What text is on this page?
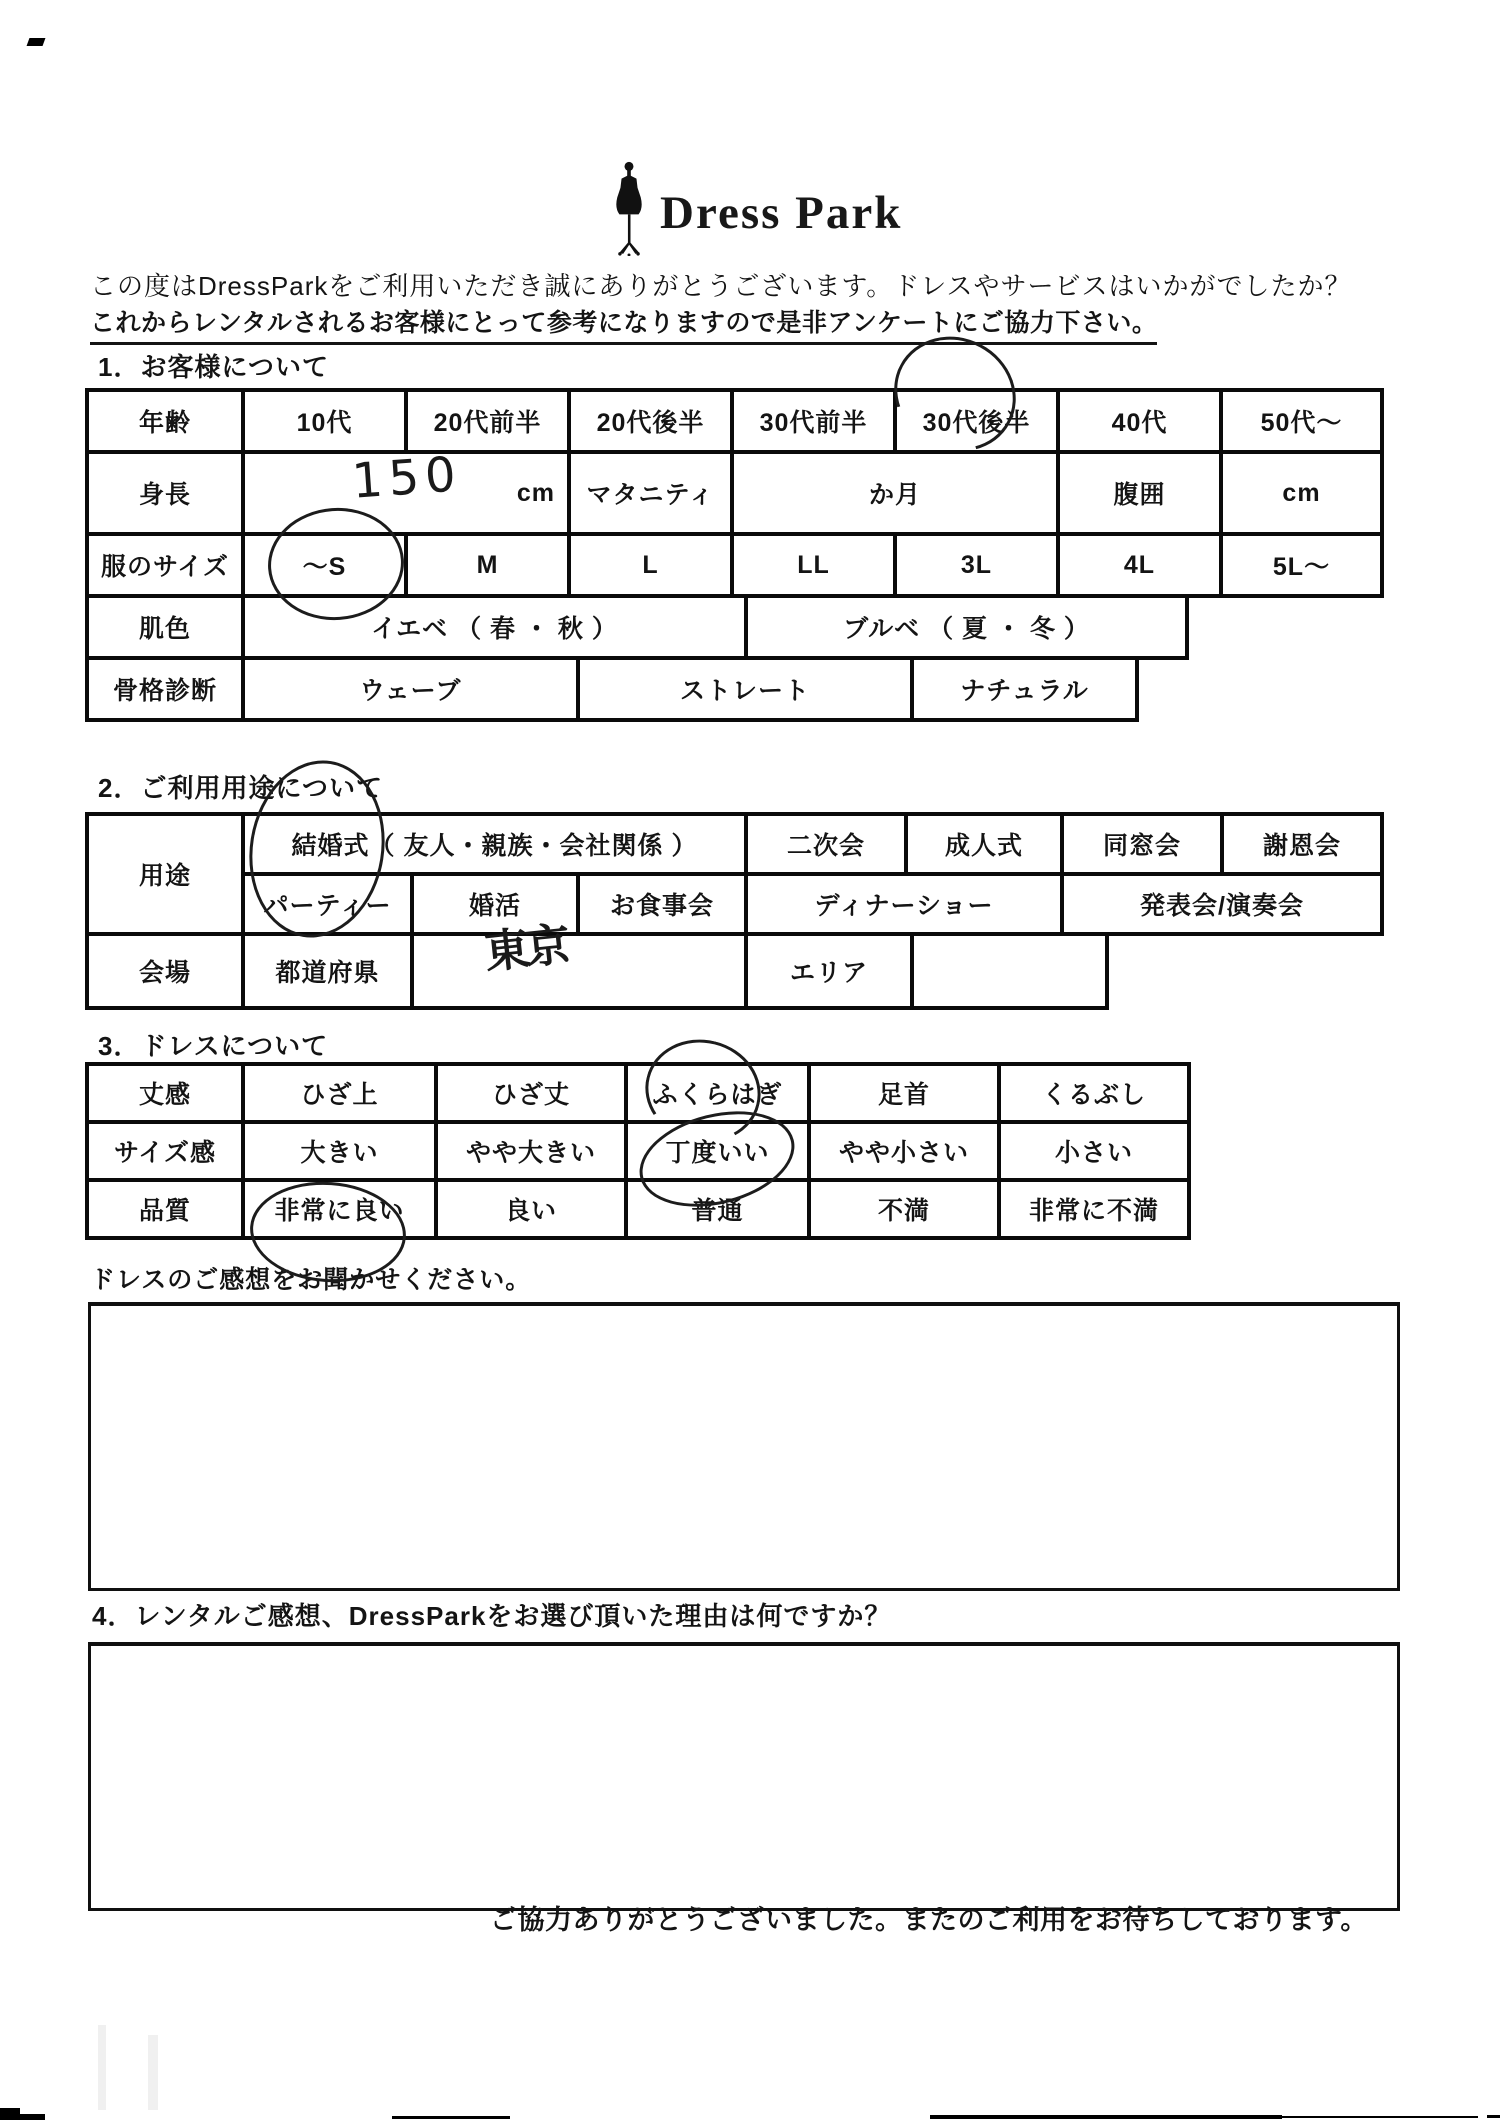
Dress Park

この度はDressParkをご利用いただき誠にありがとうございます。ドレスやサービスはいかがでしたか？

これからレンタルされるお客様にとって参考になりますので是非アンケートにご協力下さい。

1．お客様について

年齢	10代	20代前半	20代後半	30代前半	30代後半	40代	50代～
身長	cm		マタニティ	か月		腹囲	cm
服のサイズ	～S	M	L	LL	3L	4L	5L～
肌色	イエベ （ 春 ・ 秋 ）	ブルベ （ 夏 ・ 冬 ）
骨格診断	ウェーブ	ストレート	ナチュラル

2．ご利用用途について

用途	結婚式（ 友人・親族・会社関係 ）			二次会	成人式	同窓会	謝恩会
	パーティー	婚活	お食事会	ディナーショー		発表会/演奏会	
会場	都道府県		エリア	

3．ドレスについて

丈感	ひざ上	ひざ丈	ふくらはぎ	足首	くるぶし
サイズ感	大きい	やや大きい	丁度いい	やや小さい	小さい
品質	非常に良い	良い	普通	不満	非常に不満

ドレスのご感想をお聞かせください。

4．レンタルご感想、DressParkをお選び頂いた理由は何ですか？

ご協力ありがとうございました。またのご利用をお待ちしております。

150
東京
